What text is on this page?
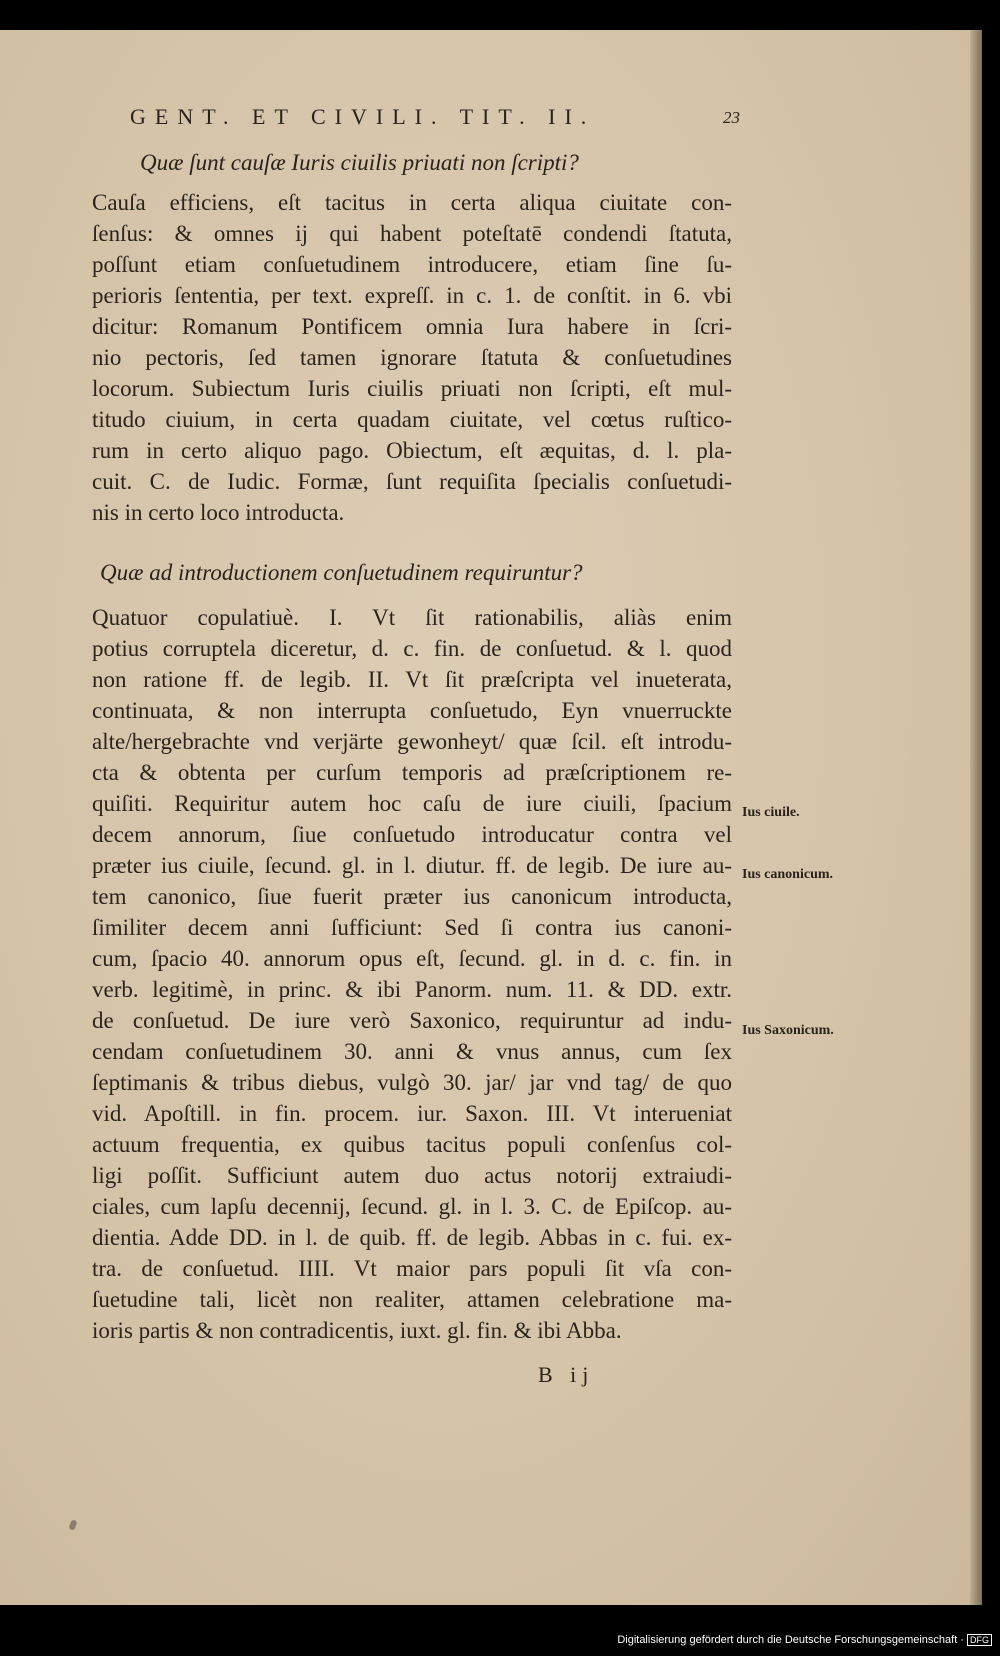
GENT. ET CIVILI. TIT. II.	23
Quæ ſunt cauſæ Iuris ciuilis priuati non ſcripti?
Cauſa efficiens, eſt tacitus in certa aliqua ciuitate con-
ſenſus: & omnes ij qui habent poteſtatē condendi ſtatuta,
poſſunt etiam conſuetudinem introducere, etiam ſine ſu-
perioris ſententia, per text. expreſſ. in c. 1. de conſtit. in 6. vbi
dicitur: Romanum Pontificem omnia Iura habere in ſcri-
nio pectoris, ſed tamen ignorare ſtatuta & conſuetudines
locorum. Subiectum Iuris ciuilis priuati non ſcripti, eſt mul-
titudo ciuium, in certa quadam ciuitate, vel cœtus ruſtico-
rum in certo aliquo pago. Obiectum, eſt æquitas, d. l. pla-
cuit. C. de Iudic. Formæ, ſunt requiſita ſpecialis conſuetudi-
nis in certo loco introducta.
Quæ ad introductionem conſuetudinem requiruntur?
Quatuor copulatiuè. I. Vt ſit rationabilis, aliàs enim
potius corruptela diceretur, d. c. fin. de conſuetud. & l. quod
non ratione ff. de legib. II. Vt ſit præſcripta vel inueterata,
continuata, & non interrupta conſuetudo, Eyn vnuerruckte
alte/hergebrachte vnd verjärte gewonheyt/ quæ ſcil. eſt introdu-
cta & obtenta per curſum temporis ad præſcriptionem re-
quiſiti. Requiritur autem hoc caſu de iure ciuili, ſpacium
decem annorum, ſiue conſuetudo introducatur contra vel
præter ius ciuile, ſecund. gl. in l. diutur. ff. de legib. De iure au-
tem canonico, ſiue fuerit præter ius canonicum introducta,
ſimiliter decem anni ſufficiunt: Sed ſi contra ius canoni-
cum, ſpacio 40. annorum opus eſt, ſecund. gl. in d. c. fin. in
verb. legitimè, in princ. & ibi Panorm. num. 11. & DD. extr.
de conſuetud. De iure verò Saxonico, requiruntur ad indu-
cendam conſuetudinem 30. anni & vnus annus, cum ſex
ſeptimanis & tribus diebus, vulgò 30. jar/ jar vnd tag/ de quo
vid. Apoſtill. in fin. procem. iur. Saxon. III. Vt interueniat
actuum frequentia, ex quibus tacitus populi conſenſus col-
ligi poſſit. Sufficiunt autem duo actus notorij extraiudi-
ciales, cum lapſu decennij, ſecund. gl. in l. 3. C. de Epiſcop. au-
dientia. Adde DD. in l. de quib. ff. de legib. Abbas in c. fui. ex-
tra. de conſuetud. IIII. Vt maior pars populi ſit vſa con-
ſuetudine tali, licèt non realiter, attamen celebratione ma-
ioris partis & non contradicentis, iuxt. gl. fin. & ibi Abba.
Ius ciuile.
Ius canonicum.
Ius Saxonicum.
B ij
Digitalisierung gefördert durch die Deutsche Forschungsgemeinschaft · DFG
